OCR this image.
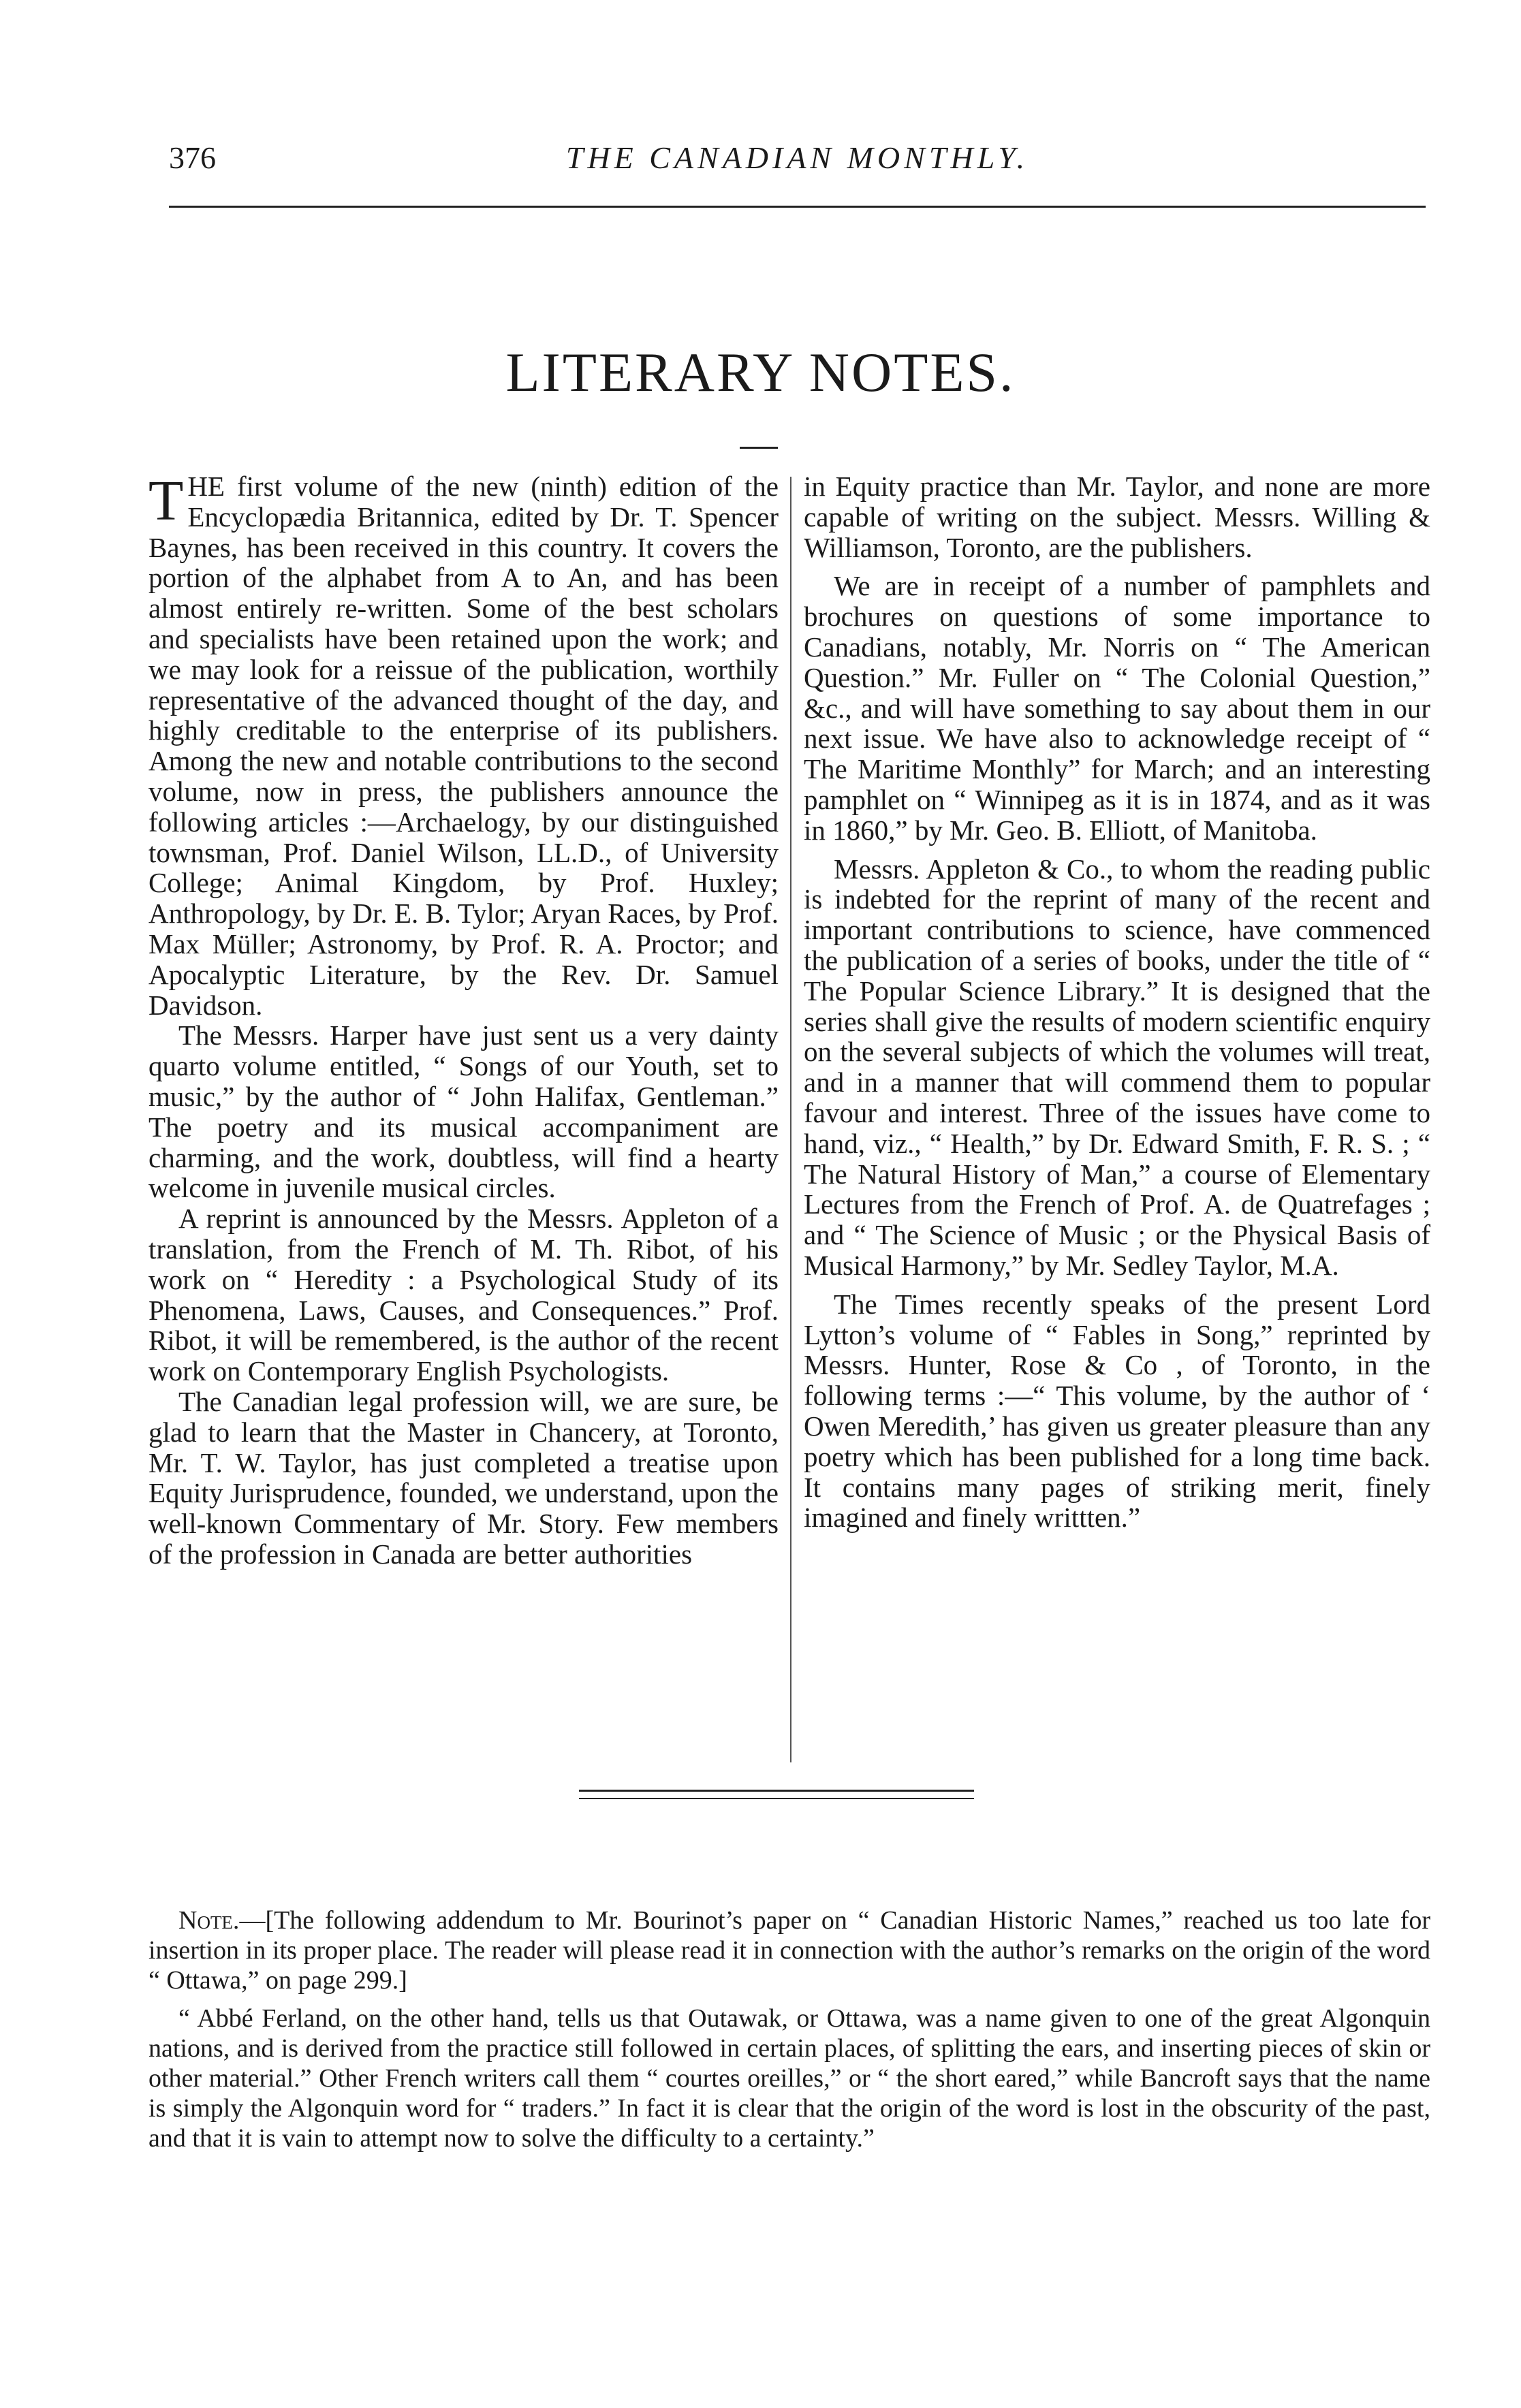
376	THE CANADIAN MONTHLY.
LITERARY NOTES.

THE first volume of the new (ninth) edition of the Encyclopædia Britannica, edited by Dr. T. Spencer Baynes, has been received in this country. It covers the portion of the alphabet from A to An, and has been almost entirely re-written. Some of the best scholars and specialists have been retained upon the work; and we may look for a reissue of the publication, worthily representative of the advanced thought of the day, and highly creditable to the enterprise of its publishers. Among the new and notable contributions to the second volume, now in press, the publishers announce the following articles :—Archaelogy, by our distinguished townsman, Prof. Daniel Wilson, LL.D., of University College; Animal Kingdom, by Prof. Huxley; Anthropology, by Dr. E. B. Tylor; Aryan Races, by Prof. Max Müller; Astronomy, by Prof. R. A. Proctor; and Apocalyptic Literature, by the Rev. Dr. Samuel Davidson.

The Messrs. Harper have just sent us a very dainty quarto volume entitled, “ Songs of our Youth, set to music,” by the author of “ John Halifax, Gentleman.” The poetry and its musical accompaniment are charming, and the work, doubtless, will find a hearty welcome in juvenile musical circles.

A reprint is announced by the Messrs. Appleton of a translation, from the French of M. Th. Ribot, of his work on “ Heredity : a Psychological Study of its Phenomena, Laws, Causes, and Consequences.” Prof. Ribot, it will be remembered, is the author of the recent work on Contemporary English Psychologists.

The Canadian legal profession will, we are sure, be glad to learn that the Master in Chancery, at Toronto, Mr. T. W. Taylor, has just completed a treatise upon Equity Jurisprudence, founded, we understand, upon the well-known Commentary of Mr. Story. Few members of the profession in Canada are better authorities

in Equity practice than Mr. Taylor, and none are more capable of writing on the subject. Messrs. Willing & Williamson, Toronto, are the publishers.

We are in receipt of a number of pamphlets and brochures on questions of some importance to Canadians, notably, Mr. Norris on “ The American Question.” Mr. Fuller on “ The Colonial Question,” &c., and will have something to say about them in our next issue. We have also to acknowledge receipt of “ The Maritime Monthly” for March; and an interesting pamphlet on “ Winnipeg as it is in 1874, and as it was in 1860,” by Mr. Geo. B. Elliott, of Manitoba.

Messrs. Appleton & Co., to whom the reading public is indebted for the reprint of many of the recent and important contributions to science, have commenced the publication of a series of books, under the title of “ The Popular Science Library.” It is designed that the series shall give the results of modern scientific enquiry on the several subjects of which the volumes will treat, and in a manner that will commend them to popular favour and interest. Three of the issues have come to hand, viz., “ Health,” by Dr. Edward Smith, F. R. S. ; “ The Natural History of Man,” a course of Elementary Lectures from the French of Prof. A. de Quatrefages ; and “ The Science of Music ; or the Physical Basis of Musical Harmony,” by Mr. Sedley Taylor, M.A.

The Times recently speaks of the present Lord Lytton’s volume of “ Fables in Song,” reprinted by Messrs. Hunter, Rose & Co , of Toronto, in the following terms :—“ This volume, by the author of ‘ Owen Meredith,’ has given us greater pleasure than any poetry which has been published for a long time back. It contains many pages of striking merit, finely imagined and finely writtten.”

Note.—[The following addendum to Mr. Bourinot’s paper on “ Canadian Historic Names,” reached us too late for insertion in its proper place. The reader will please read it in connection with the author’s remarks on the origin of the word “ Ottawa,” on page 299.]

“ Abbé Ferland, on the other hand, tells us that Outawak, or Ottawa, was a name given to one of the great Algonquin nations, and is derived from the practice still followed in certain places, of splitting the ears, and inserting pieces of skin or other material.” Other French writers call them “ courtes oreilles,” or “ the short eared,” while Bancroft says that the name is simply the Algonquin word for “ traders.” In fact it is clear that the origin of the word is lost in the obscurity of the past, and that it is vain to attempt now to solve the difficulty to a certainty.”
